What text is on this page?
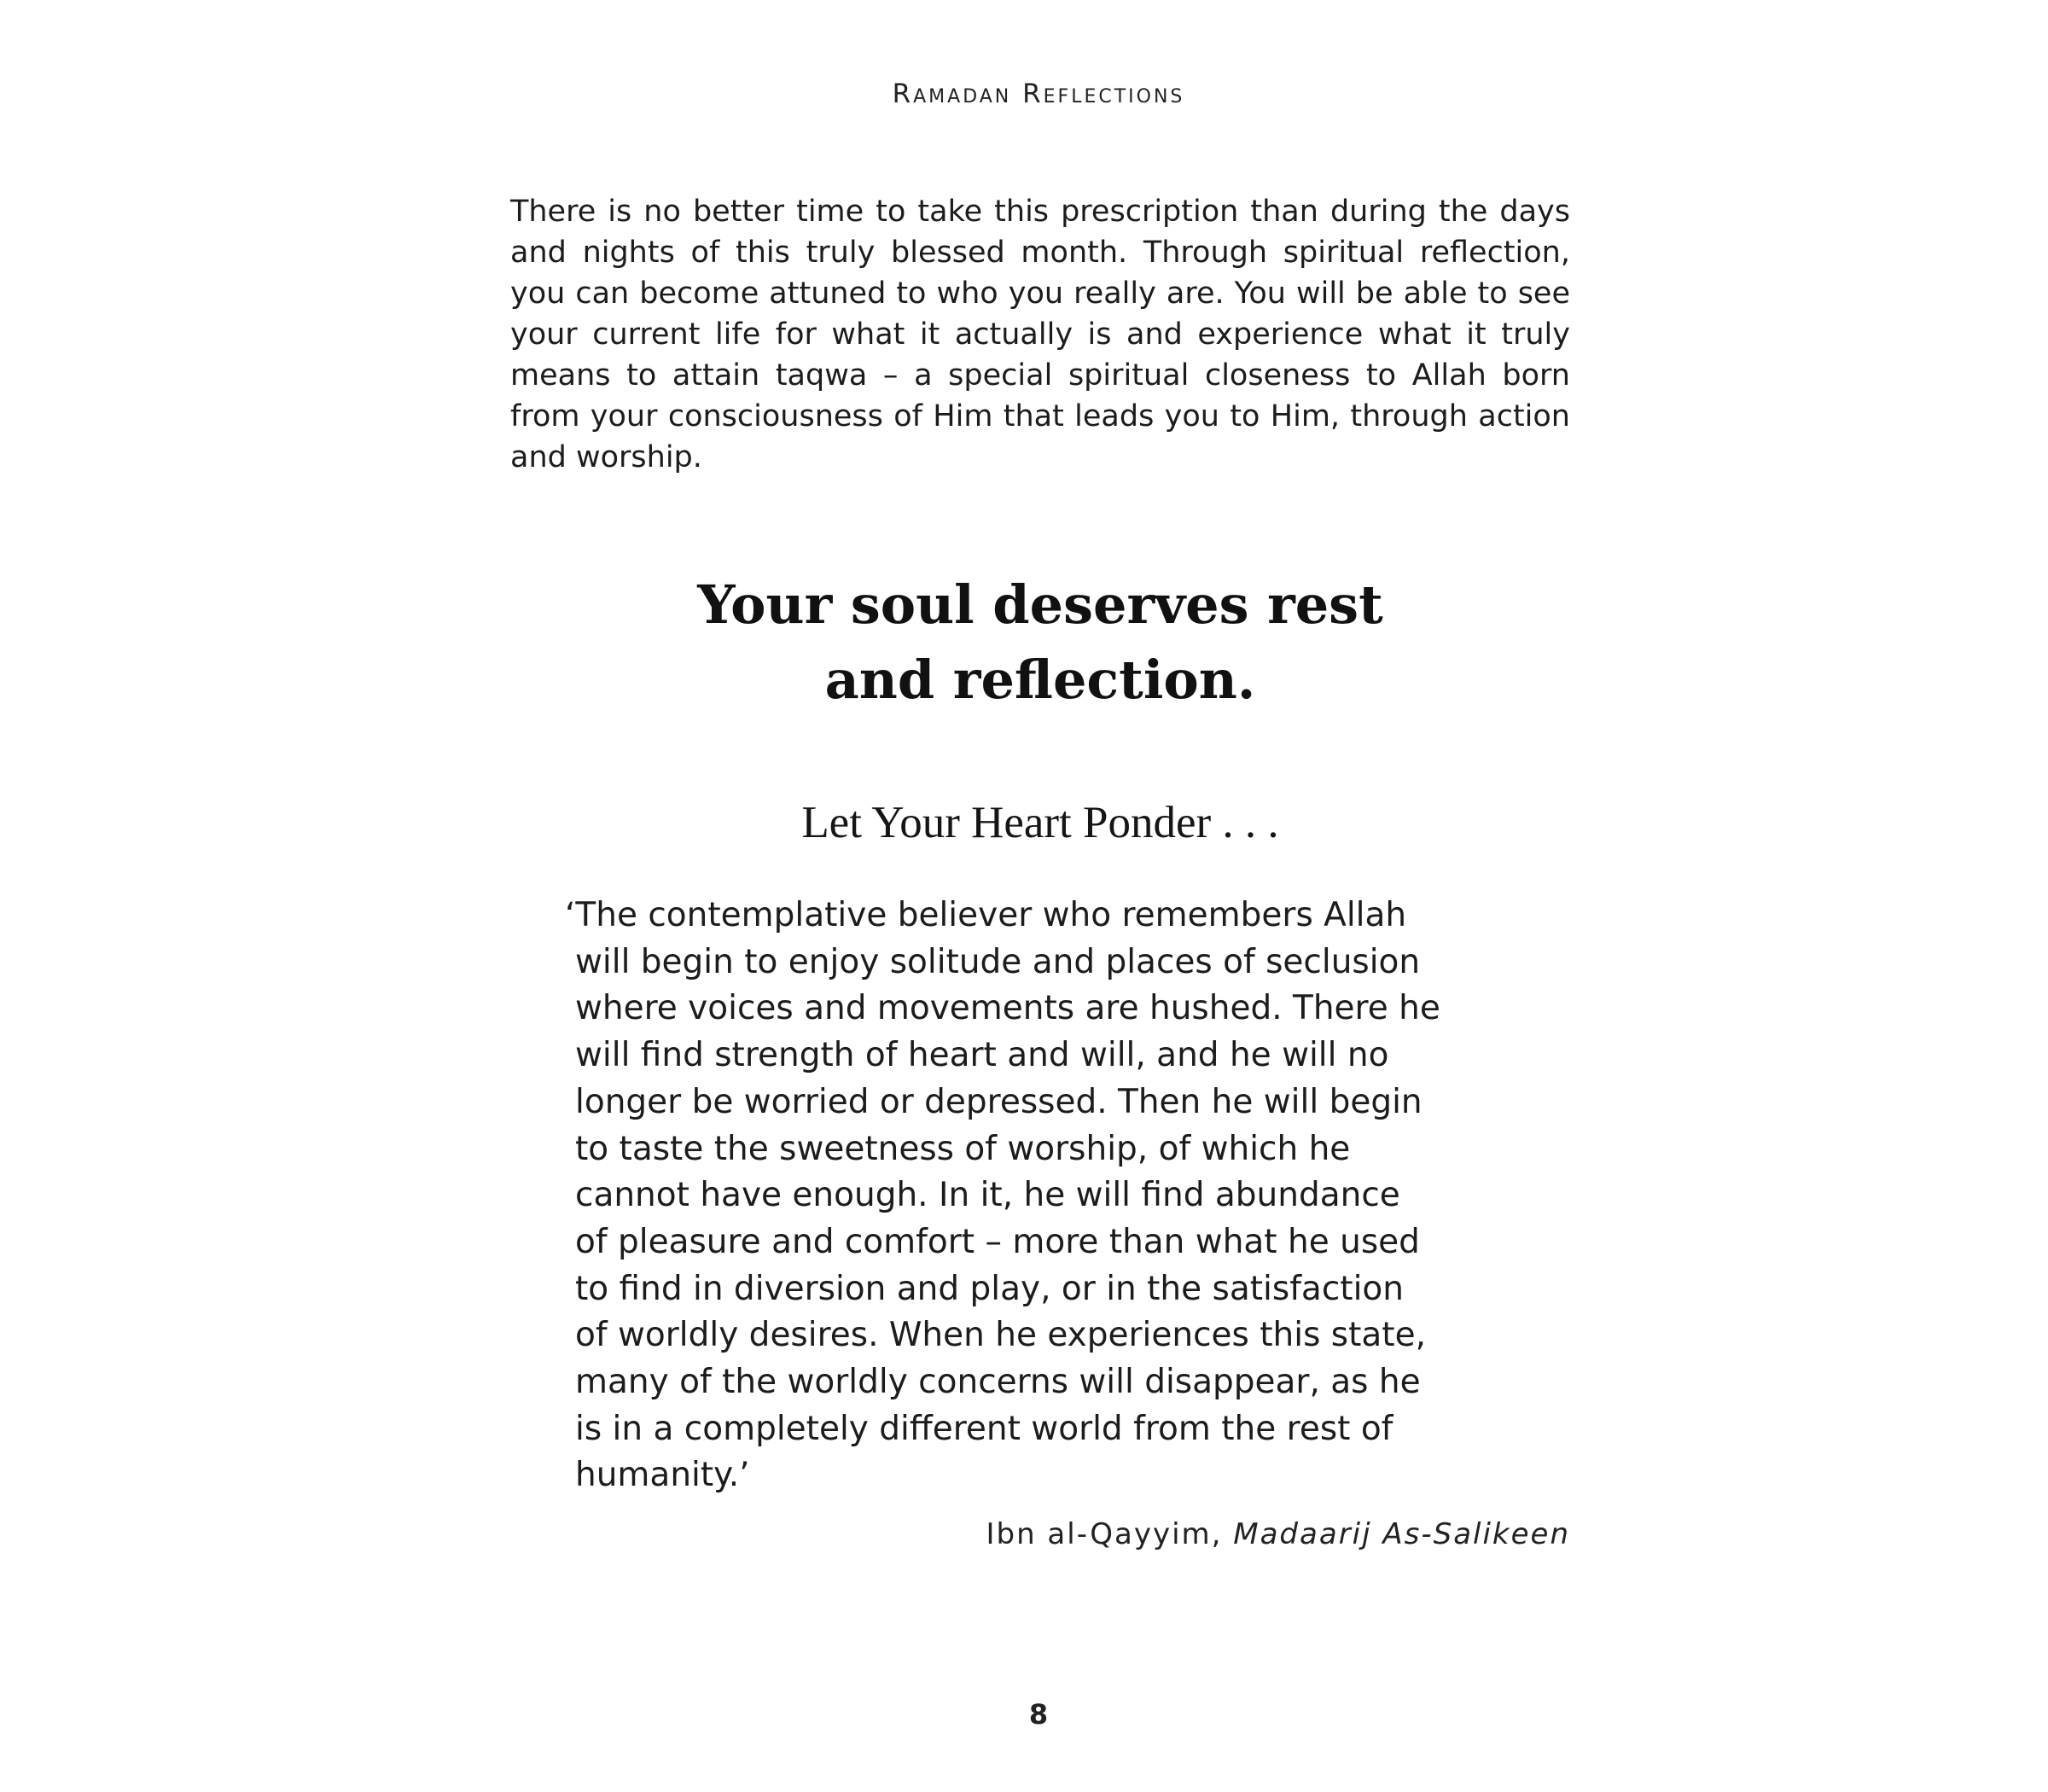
Ramadan Reflections

There is no better time to take this prescription than during the days and nights of this truly blessed month. Through spiritual reflection, you can become attuned to who you really are. You will be able to see your current life for what it actually is and experience what it truly means to attain taqwa – a special spiritual closeness to Allah born from your consciousness of Him that leads you to Him, through action and worship.

Your soul deserves rest
and reflection.
Let Your Heart Ponder . . .
‘The contemplative believer who remembers Allah
will begin to enjoy solitude and places of seclusion
where voices and movements are hushed. There he
will find strength of heart and will, and he will no
longer be worried or depressed. Then he will begin
to taste the sweetness of worship, of which he
cannot have enough. In it, he will find abundance
of pleasure and comfort – more than what he used
to find in diversion and play, or in the satisfaction
of worldly desires. When he experiences this state,
many of the worldly concerns will disappear, as he
is in a completely different world from the rest of
humanity.’
Ibn al-Qayyim, Madaarij As-Salikeen
8
